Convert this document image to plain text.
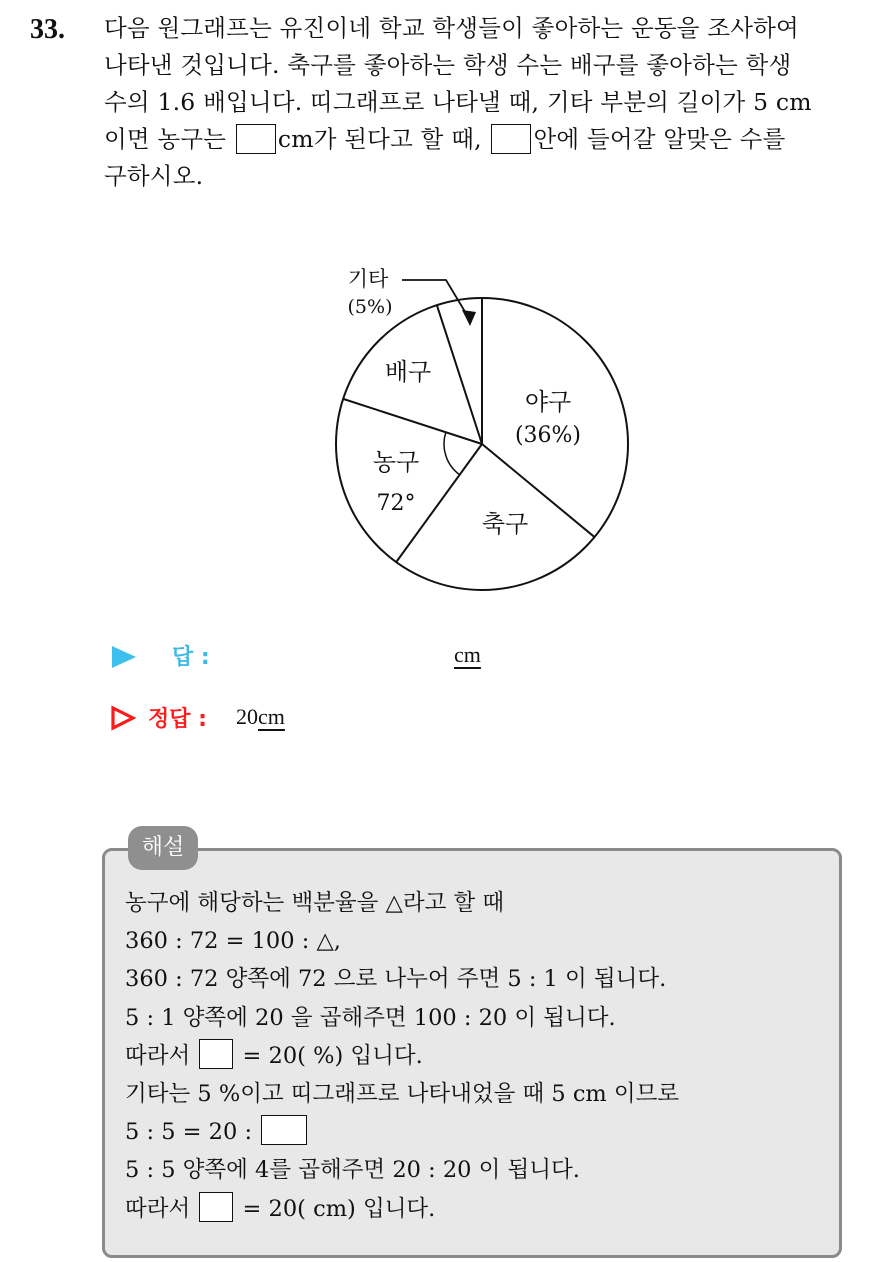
33. 다음 원그래프는 유진이네 학교 학생들이 좋아하는 운동을 조사하여
나타낸 것입니다. 축구를 좋아하는 학생 수는 배구를 좋아하는 학생
수의 1.6 배입니다. 띠그래프로 나타낼 때, 기타 부분의 길이가 5 cm
이면 농구는 cm가 된다고 할 때, 안에 들어갈 알맞은 수를
구하시오.
야구
(36%)
축구
농구
72°
배구
기타
(5%)
답 :	cm
정답 : 20cm
해설
농구에 해당하는 백분율을 △라고 할 때
360 : 72 = 100 : △,
360 : 72 양쪽에 72 으로 나누어 주면 5 : 1 이 됩니다.
5 : 1 양쪽에 20 을 곱해주면 100 : 20 이 됩니다.
따라서 = 20( %) 입니다.
기타는 5 %이고 띠그래프로 나타내었을 때 5 cm 이므로
5 : 5 = 20 :
5 : 5 양쪽에 4를 곱해주면 20 : 20 이 됩니다.
따라서 = 20( cm) 입니다.
